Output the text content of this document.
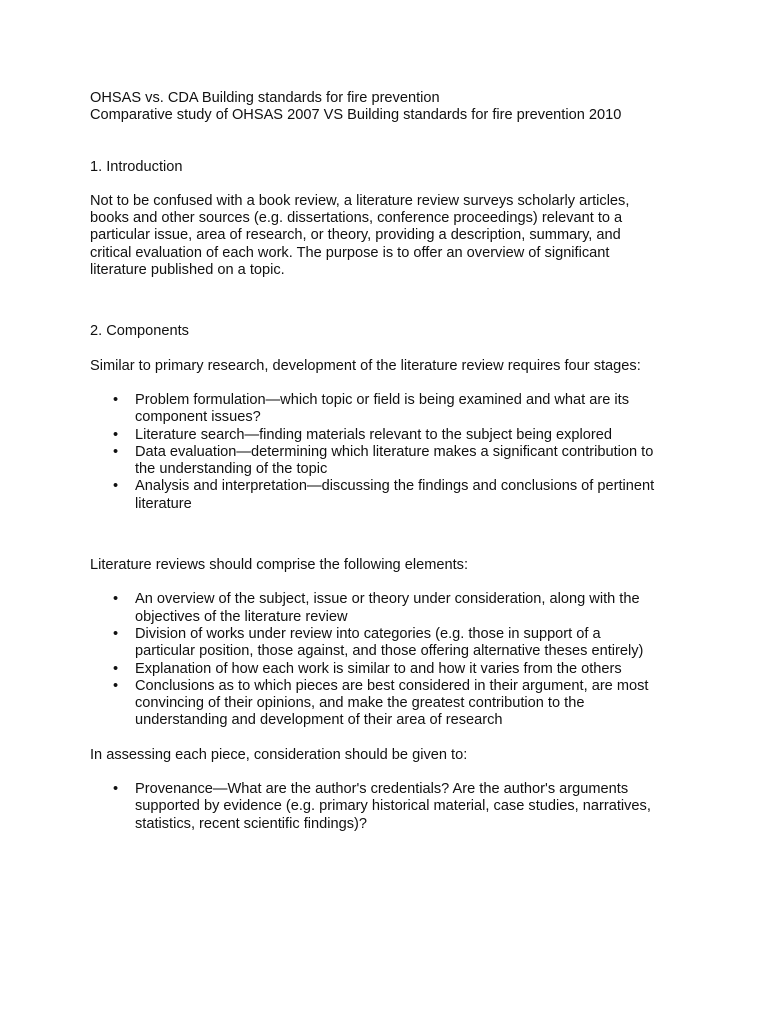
OHSAS vs. CDA Building standards for fire prevention
Comparative study of OHSAS 2007 VS Building standards for fire prevention 2010
1. Introduction
Not to be confused with a book review, a literature review surveys scholarly articles,
books and other sources (e.g. dissertations, conference proceedings) relevant to a
particular issue, area of research, or theory, providing a description, summary, and
critical evaluation of each work. The purpose is to offer an overview of significant
literature published on a topic.
2. Components
Similar to primary research, development of the literature review requires four stages:
• Problem formulation—which topic or field is being examined and what are its
component issues?
• Literature search—finding materials relevant to the subject being explored
• Data evaluation—determining which literature makes a significant contribution to
the understanding of the topic
• Analysis and interpretation—discussing the findings and conclusions of pertinent
literature
Literature reviews should comprise the following elements:
• An overview of the subject, issue or theory under consideration, along with the
objectives of the literature review
• Division of works under review into categories (e.g. those in support of a
particular position, those against, and those offering alternative theses entirely)
• Explanation of how each work is similar to and how it varies from the others
• Conclusions as to which pieces are best considered in their argument, are most
convincing of their opinions, and make the greatest contribution to the
understanding and development of their area of research
In assessing each piece, consideration should be given to:
• Provenance—What are the author's credentials? Are the author's arguments
supported by evidence (e.g. primary historical material, case studies, narratives,
statistics, recent scientific findings)?
